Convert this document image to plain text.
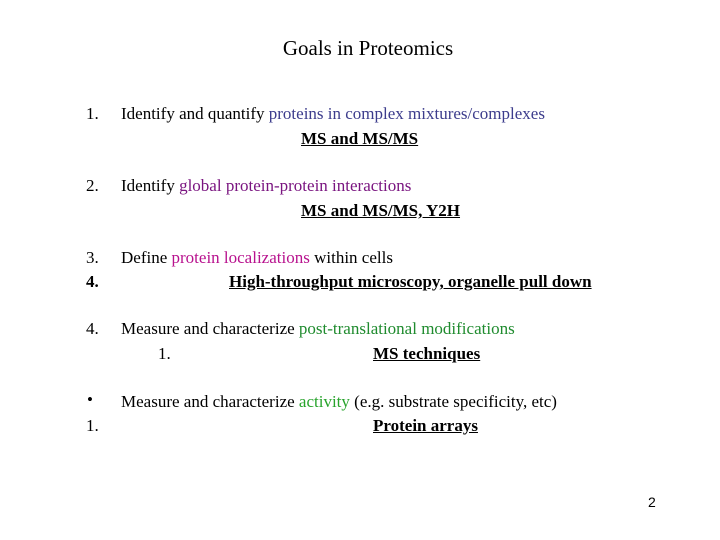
Goals in Proteomics
1. Identify and quantify proteins in complex mixtures/complexes
MS and MS/MS
2. Identify global protein-protein interactions
MS and MS/MS, Y2H
3.
4.
Define protein localizations within cells
High-throughput microscopy, organelle pull down
4. Measure and characterize post-translational modifications
1.	MS techniques
•
1.
Measure and characterize activity (e.g. substrate specificity, etc)
Protein arrays
2
